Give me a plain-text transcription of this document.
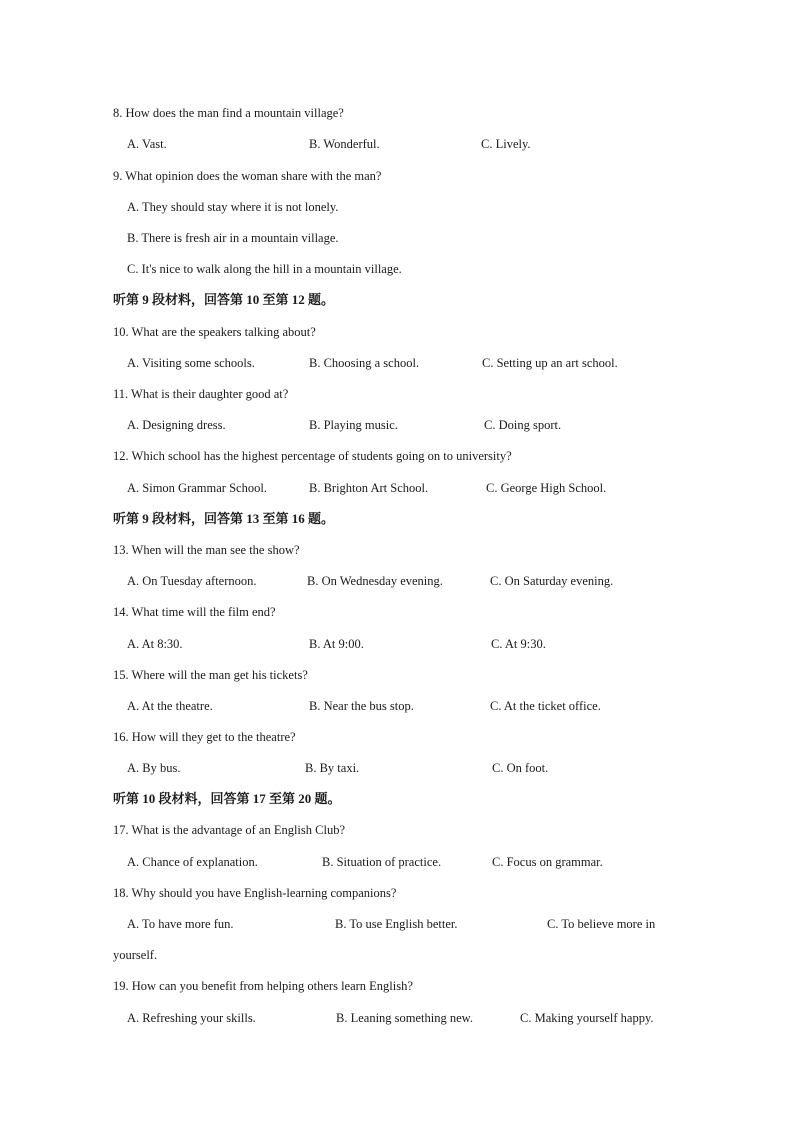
8. How does the man find a mountain village?
A. Vast.	B. Wonderful.	C. Lively.
9. What opinion does the woman share with the man?
A. They should stay where it is not lonely.
B. There is fresh air in a mountain village.
C. It's nice to walk along the hill in a mountain village.
听第 9 段材料，回答第 10 至第 12 题。
10. What are the speakers talking about?
A. Visiting some schools.	B. Choosing a school.	C. Setting up an art school.
11. What is their daughter good at?
A. Designing dress.	B. Playing music.	C. Doing sport.
12. Which school has the highest percentage of students going on to university?
A. Simon Grammar School.	B. Brighton Art School.	C. George High School.
听第 9 段材料，回答第 13 至第 16 题。
13. When will the man see the show?
A. On Tuesday afternoon.	B. On Wednesday evening.	C. On Saturday evening.
14. What time will the film end?
A. At 8:30.	B. At 9:00.	C. At 9:30.
15. Where will the man get his tickets?
A. At the theatre.	B. Near the bus stop.	C. At the ticket office.
16. How will they get to the theatre?
A. By bus.	B. By taxi.	C. On foot.
听第 10 段材料，回答第 17 至第 20 题。
17. What is the advantage of an English Club?
A. Chance of explanation.	B. Situation of practice.	C. Focus on grammar.
18. Why should you have English-learning companions?
A. To have more fun.	B. To use English better.	C. To believe more in
yourself.
19. How can you benefit from helping others learn English?
A. Refreshing your skills.	B. Leaning something new.	C. Making yourself happy.
